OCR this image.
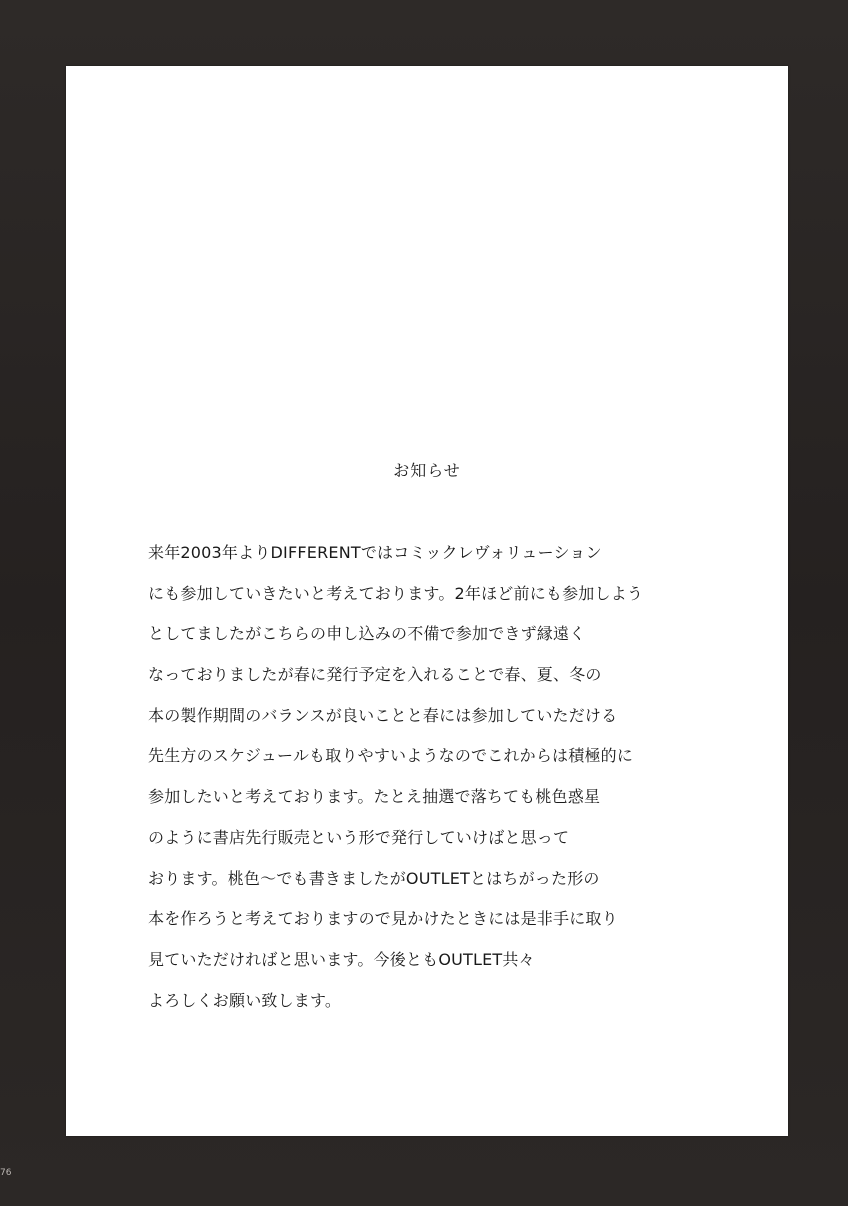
お知らせ
来年2003年よりDIFFERENTではコミックレヴォリューション
にも参加していきたいと考えております。2年ほど前にも参加しよう
としてましたがこちらの申し込みの不備で参加できず縁遠く
なっておりましたが春に発行予定を入れることで春、夏、冬の
本の製作期間のバランスが良いことと春には参加していただける
先生方のスケジュールも取りやすいようなのでこれからは積極的に
参加したいと考えております。たとえ抽選で落ちても桃色惑星
のように書店先行販売という形で発行していけばと思って
おります。桃色〜でも書きましたがOUTLETとはちがった形の
本を作ろうと考えておりますので見かけたときには是非手に取り
見ていただければと思います。今後ともOUTLET共々
よろしくお願い致します。
76
